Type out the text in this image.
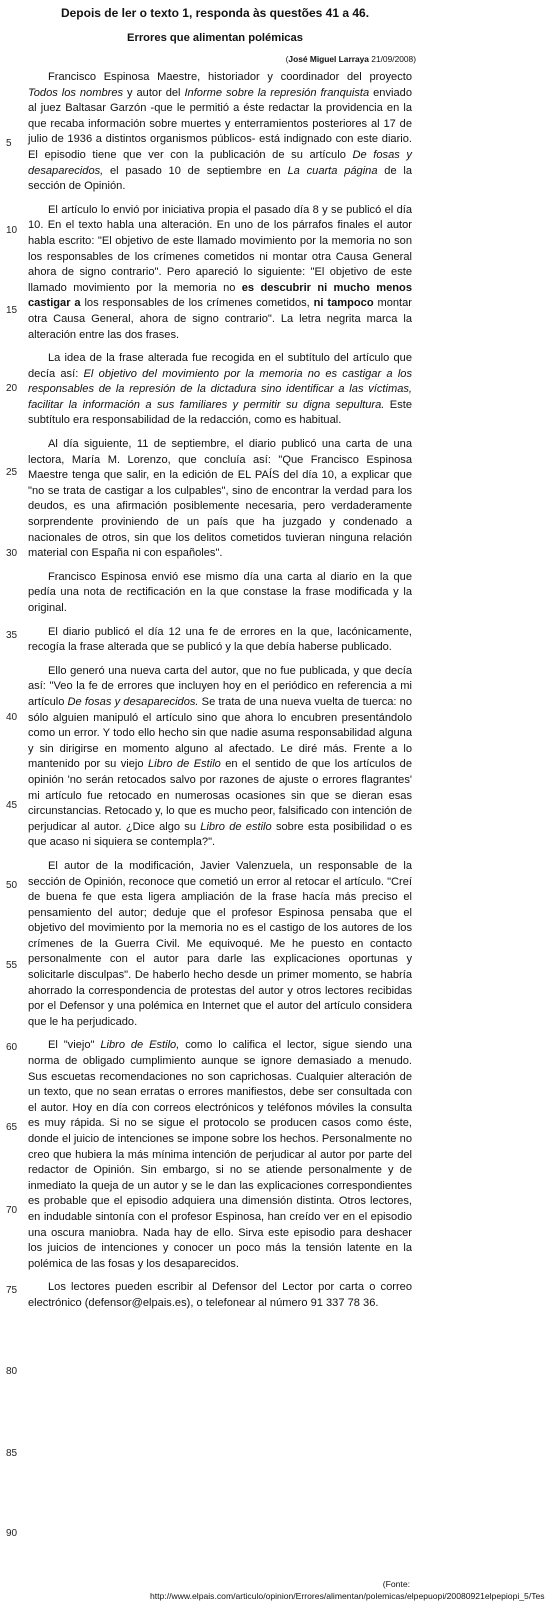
Depois de ler o texto 1, responda às questões 41 a 46.
Errores que alimentan polémicas
(José Miguel Larraya 21/09/2008)

Francisco Espinosa Maestre, historiador y coordinador del proyecto Todos los nombres y autor del Informe sobre la represión franquista enviado al juez Baltasar Garzón -que le permitió a éste redactar la providencia en la que recaba información sobre muertes y enterramientos posteriores al 17 de julio de 1936 a distintos organismos públicos- está indignado con este diario. El episodio tiene que ver con la publicación de su artículo De fosas y desaparecidos, el pasado 10 de septiembre en La cuarta página de la sección de Opinión.

El artículo lo envió por iniciativa propia el pasado día 8 y se publicó el día 10. En el texto habla una alteración. En uno de los párrafos finales el autor habla escrito: "El objetivo de este llamado movimiento por la memoria no son los responsables de los crímenes cometidos ni montar otra Causa General ahora de signo contrario". Pero apareció lo siguiente: "El objetivo de este llamado movimiento por la memoria no es descubrir ni mucho menos castigar a los responsables de los crímenes cometidos, ni tampoco montar otra Causa General, ahora de signo contrario". La letra negrita marca la alteración entre las dos frases.

La idea de la frase alterada fue recogida en el subtítulo del artículo que decía así: El objetivo del movimiento por la memoria no es castigar a los responsables de la represión de la dictadura sino identificar a las víctimas, facilitar la información a sus familiares y permitir su digna sepultura. Este subtítulo era responsabilidad de la redacción, como es habitual.

Al día siguiente, 11 de septiembre, el diario publicó una carta de una lectora, María M. Lorenzo, que concluía así: "Que Francisco Espinosa Maestre tenga que salir, en la edición de EL PAÍS del día 10, a explicar que "no se trata de castigar a los culpables", sino de encontrar la verdad para los deudos, es una afirmación posiblemente necesaria, pero verdaderamente sorprendente proviniendo de un país que ha juzgado y condenado a nacionales de otros, sin que los delitos cometidos tuvieran ninguna relación material con España ni con españoles".

Francisco Espinosa envió ese mismo día una carta al diario en la que pedía una nota de rectificación en la que constase la frase modificada y la original.

El diario publicó el día 12 una fe de errores en la que, lacónicamente, recogía la frase alterada que se publicó y la que debía haberse publicado.

Ello generó una nueva carta del autor, que no fue publicada, y que decía así: "Veo la fe de errores que incluyen hoy en el periódico en referencia a mi artículo De fosas y desaparecidos. Se trata de una nueva vuelta de tuerca: no sólo alguien manipuló el artículo sino que ahora lo encubren presentándolo como un error. Y todo ello hecho sin que nadie asuma responsabilidad alguna y sin dirigirse en momento alguno al afectado. Le diré más. Frente a lo mantenido por su viejo Libro de Estilo en el sentido de que los artículos de opinión 'no serán retocados salvo por razones de ajuste o errores flagrantes' mi artículo fue retocado en numerosas ocasiones sin que se dieran esas circunstancias. Retocado y, lo que es mucho peor, falsificado con intención de perjudicar al autor. ¿Dice algo su Libro de estilo sobre esta posibilidad o es que acaso ni siquiera se contempla?".

El autor de la modificación, Javier Valenzuela, un responsable de la sección de Opinión, reconoce que cometió un error al retocar el artículo. "Creí de buena fe que esta ligera ampliación de la frase hacía más preciso el pensamiento del autor; deduje que el profesor Espinosa pensaba que el objetivo del movimiento por la memoria no es el castigo de los autores de los crímenes de la Guerra Civil. Me equivoqué. Me he puesto en contacto personalmente con el autor para darle las explicaciones oportunas y solicitarle disculpas". De haberlo hecho desde un primer momento, se habría ahorrado la correspondencia de protestas del autor y otros lectores recibidas por el Defensor y una polémica en Internet que el autor del artículo considera que le ha perjudicado.

El "viejo" Libro de Estilo, como lo califica el lector, sigue siendo una norma de obligado cumplimiento aunque se ignore demasiado a menudo. Sus escuetas recomendaciones no son caprichosas. Cualquier alteración de un texto, que no sean erratas o errores manifiestos, debe ser consultada con el autor. Hoy en día con correos electrónicos y teléfonos móviles la consulta es muy rápida. Si no se sigue el protocolo se producen casos como éste, donde el juicio de intenciones se impone sobre los hechos. Personalmente no creo que hubiera la más mínima intención de perjudicar al autor por parte del redactor de Opinión. Sin embargo, si no se atiende personalmente y de inmediato la queja de un autor y se le dan las explicaciones correspondientes es probable que el episodio adquiera una dimensión distinta. Otros lectores, en indudable sintonía con el profesor Espinosa, han creído ver en el episodio una oscura maniobra. Nada hay de ello. Sirva este episodio para deshacer los juicios de intenciones y conocer un poco más la tensión latente en la polémica de las fosas y los desaparecidos.

Los lectores pueden escribir al Defensor del Lector por carta o correo electrónico (defensor@elpais.es), o telefonear al número 91 337 78 36.

5
10
15
20
25
30
35
40
45
50
55
60
65
70
75
80
85
90
(Fonte: http://www.elpais.com/articulo/opinion/Errores/alimentan/polemicas/elpepuopi/20080921elpepiopi_5/Tes
